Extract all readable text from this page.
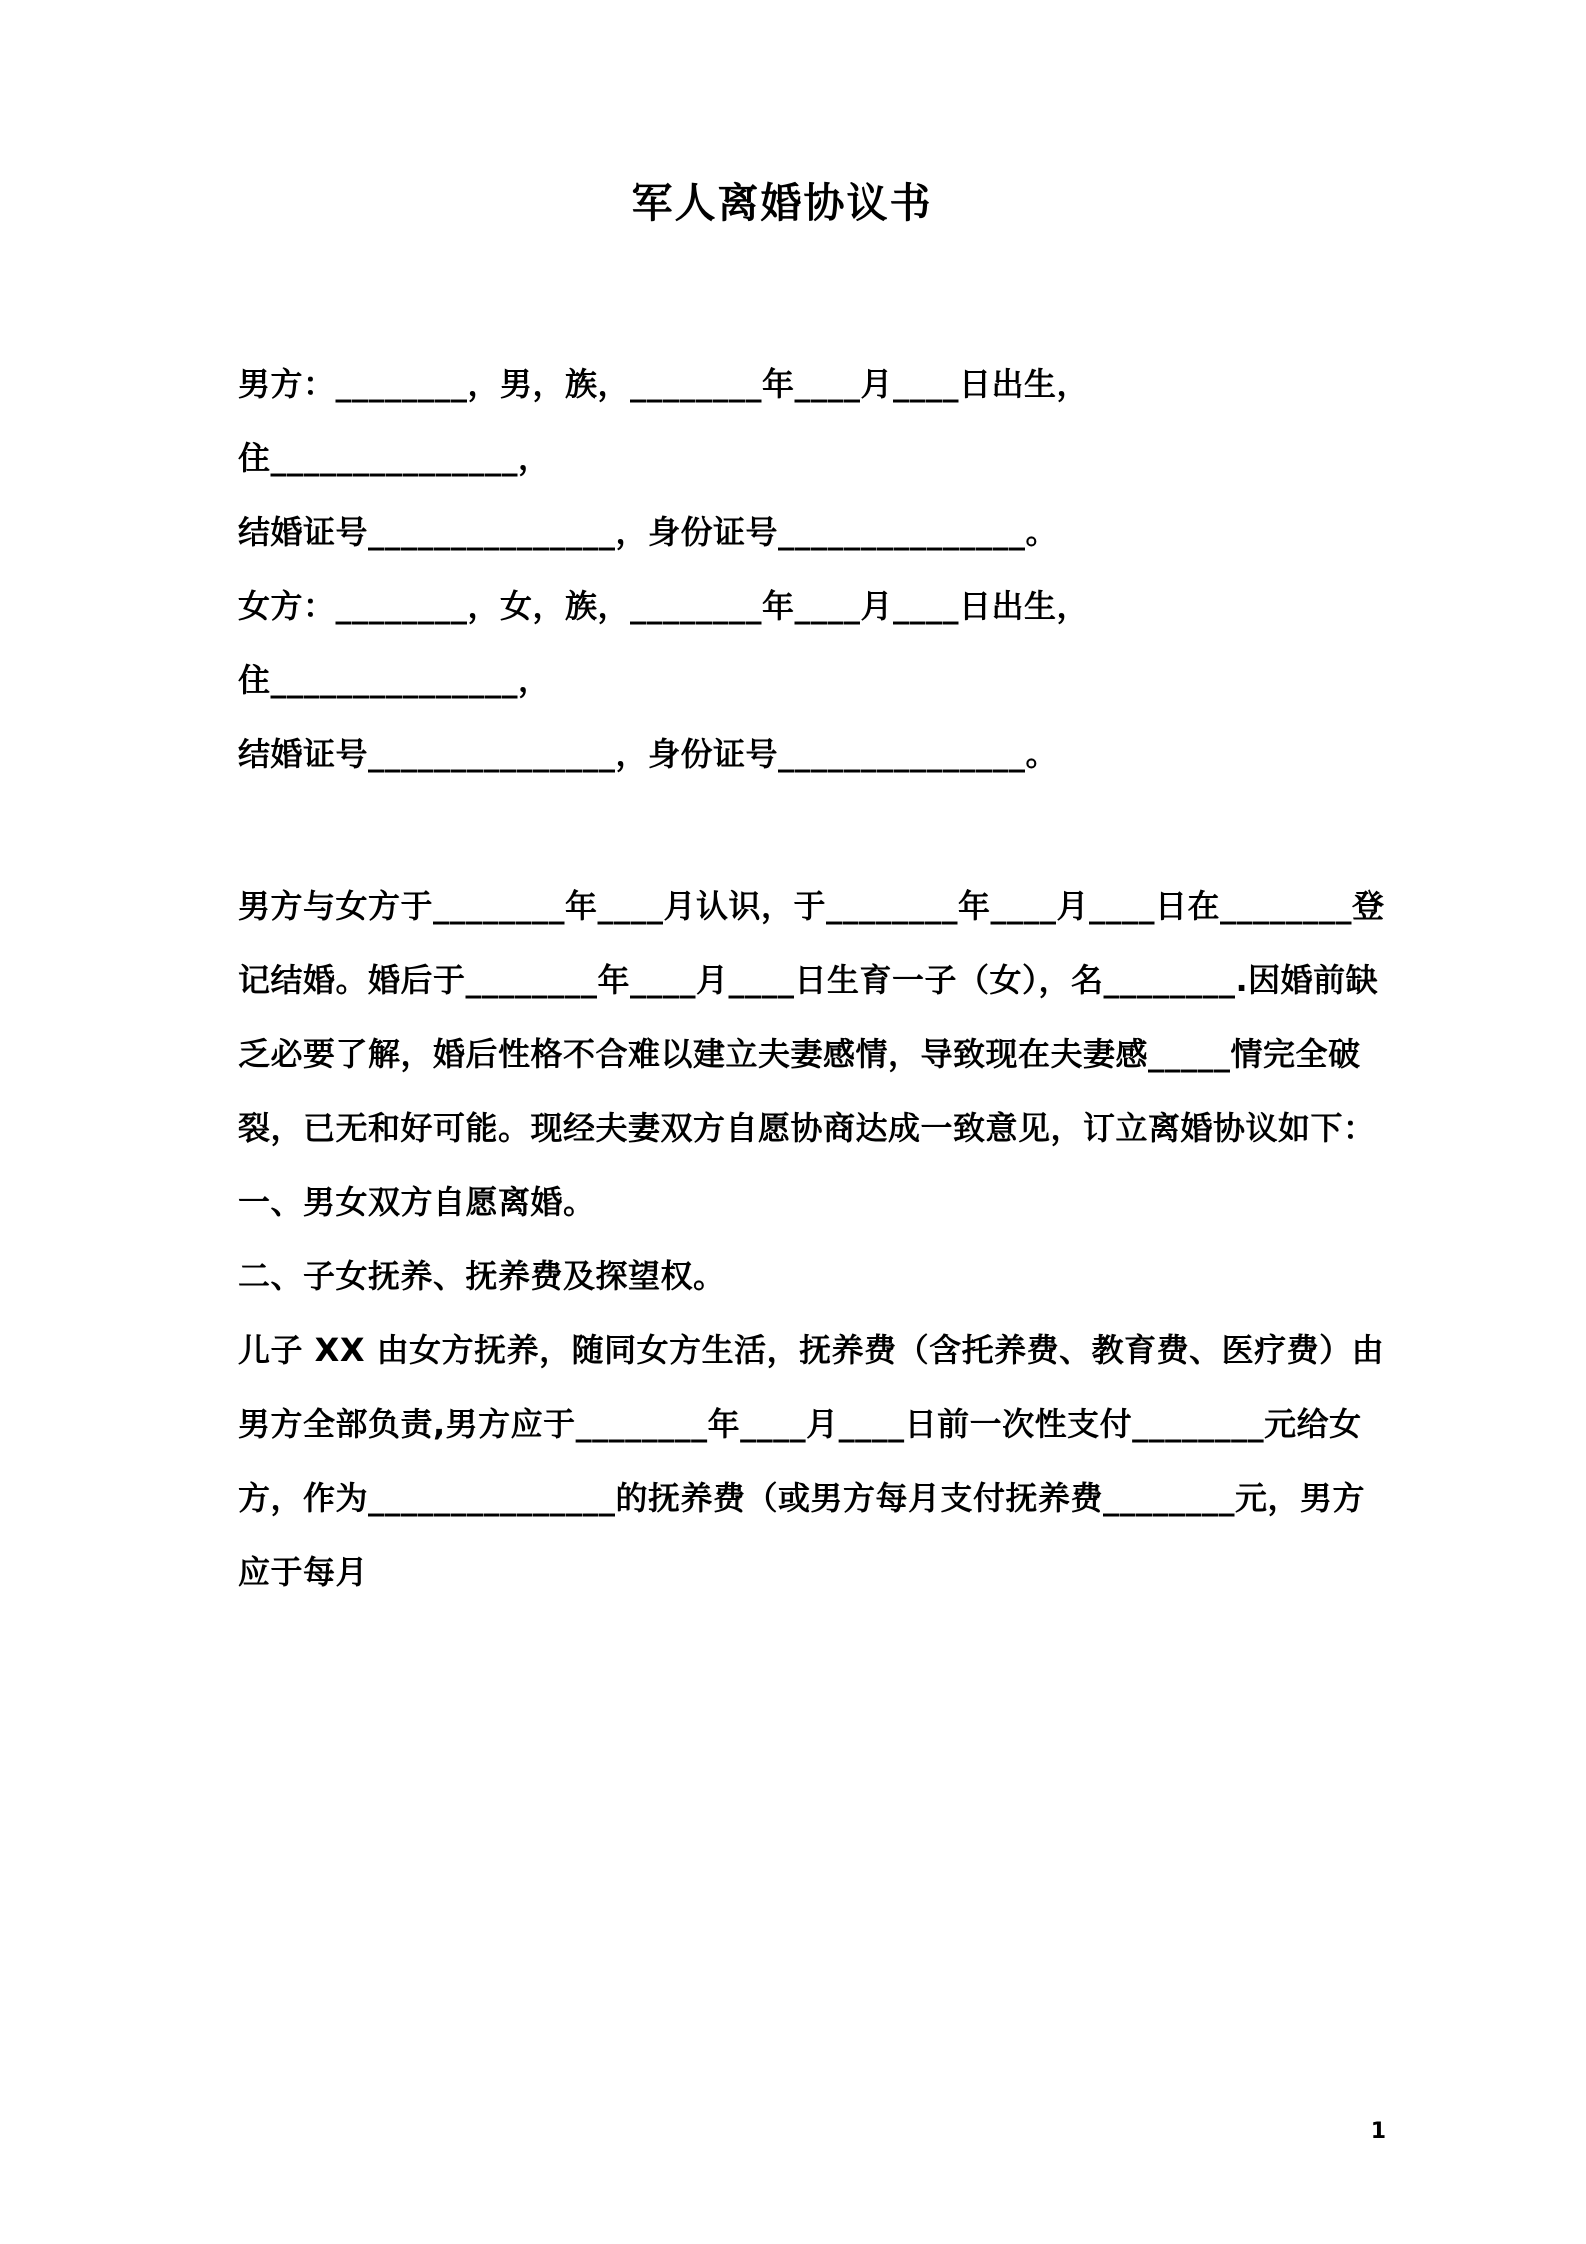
军人离婚协议书

男方：________，男，族，________年____月____日出生，

住_______________，

结婚证号_______________，身份证号_______________。

女方：________，女，族，________年____月____日出生，

住_______________，

结婚证号_______________，身份证号_______________。

男方与女方于________年____月认识，于________年____月____日在________登记结婚。婚后于________年____月____日生育一子（女），名________.因婚前缺乏必要了解，婚后性格不合难以建立夫妻感情，导致现在夫妻感_____情完全破裂，已无和好可能。现经夫妻双方自愿协商达成一致意见，订立离婚协议如下：

一、男女双方自愿离婚。

二、子女抚养、抚养费及探望权。

儿子 XX 由女方抚养，随同女方生活，抚养费（含托养费、教育费、医疗费）由男方全部负责,男方应于________年____月____日前一次性支付________元给女方，作为_______________的抚养费（或男方每月支付抚养费________元，男方应于每月

1
